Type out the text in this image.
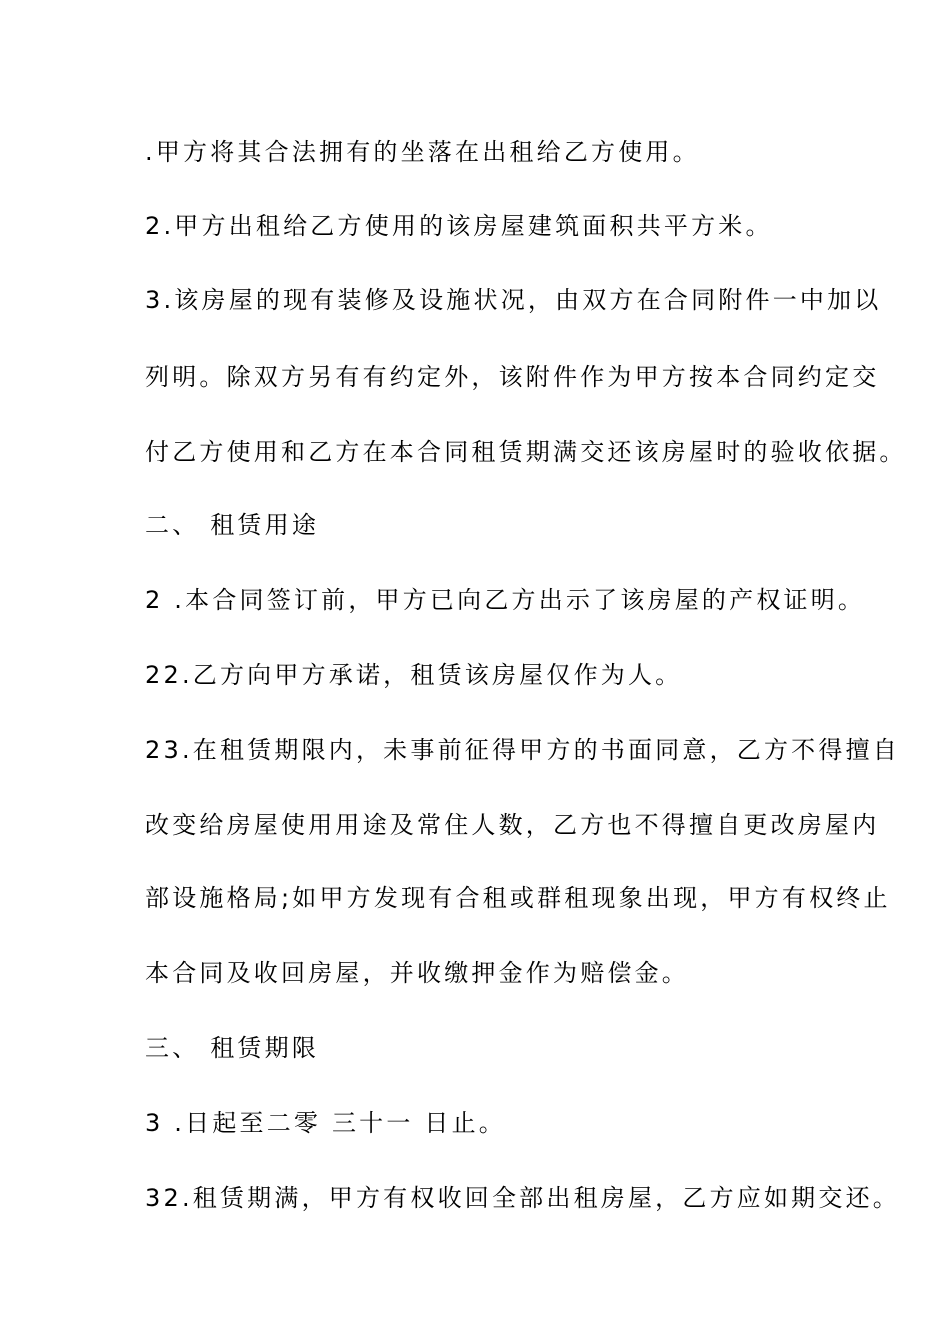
.甲方将其合法拥有的坐落在出租给乙方使用。
2.甲方出租给乙方使用的该房屋建筑面积共平方米。
3.该房屋的现有装修及设施状况，由双方在合同附件一中加以
列明。除双方另有有约定外，该附件作为甲方按本合同约定交
付乙方使用和乙方在本合同租赁期满交还该房屋时的验收依据。
二、 租赁用途
2 .本合同签订前，甲方已向乙方出示了该房屋的产权证明。
22.乙方向甲方承诺，租赁该房屋仅作为人。
23.在租赁期限内，未事前征得甲方的书面同意，乙方不得擅自
改变给房屋使用用途及常住人数，乙方也不得擅自更改房屋内
部设施格局;如甲方发现有合租或群租现象出现，甲方有权终止
本合同及收回房屋，并收缴押金作为赔偿金。
三、 租赁期限
3 .日起至二零 三十一 日止。
32.租赁期满，甲方有权收回全部出租房屋，乙方应如期交还。
